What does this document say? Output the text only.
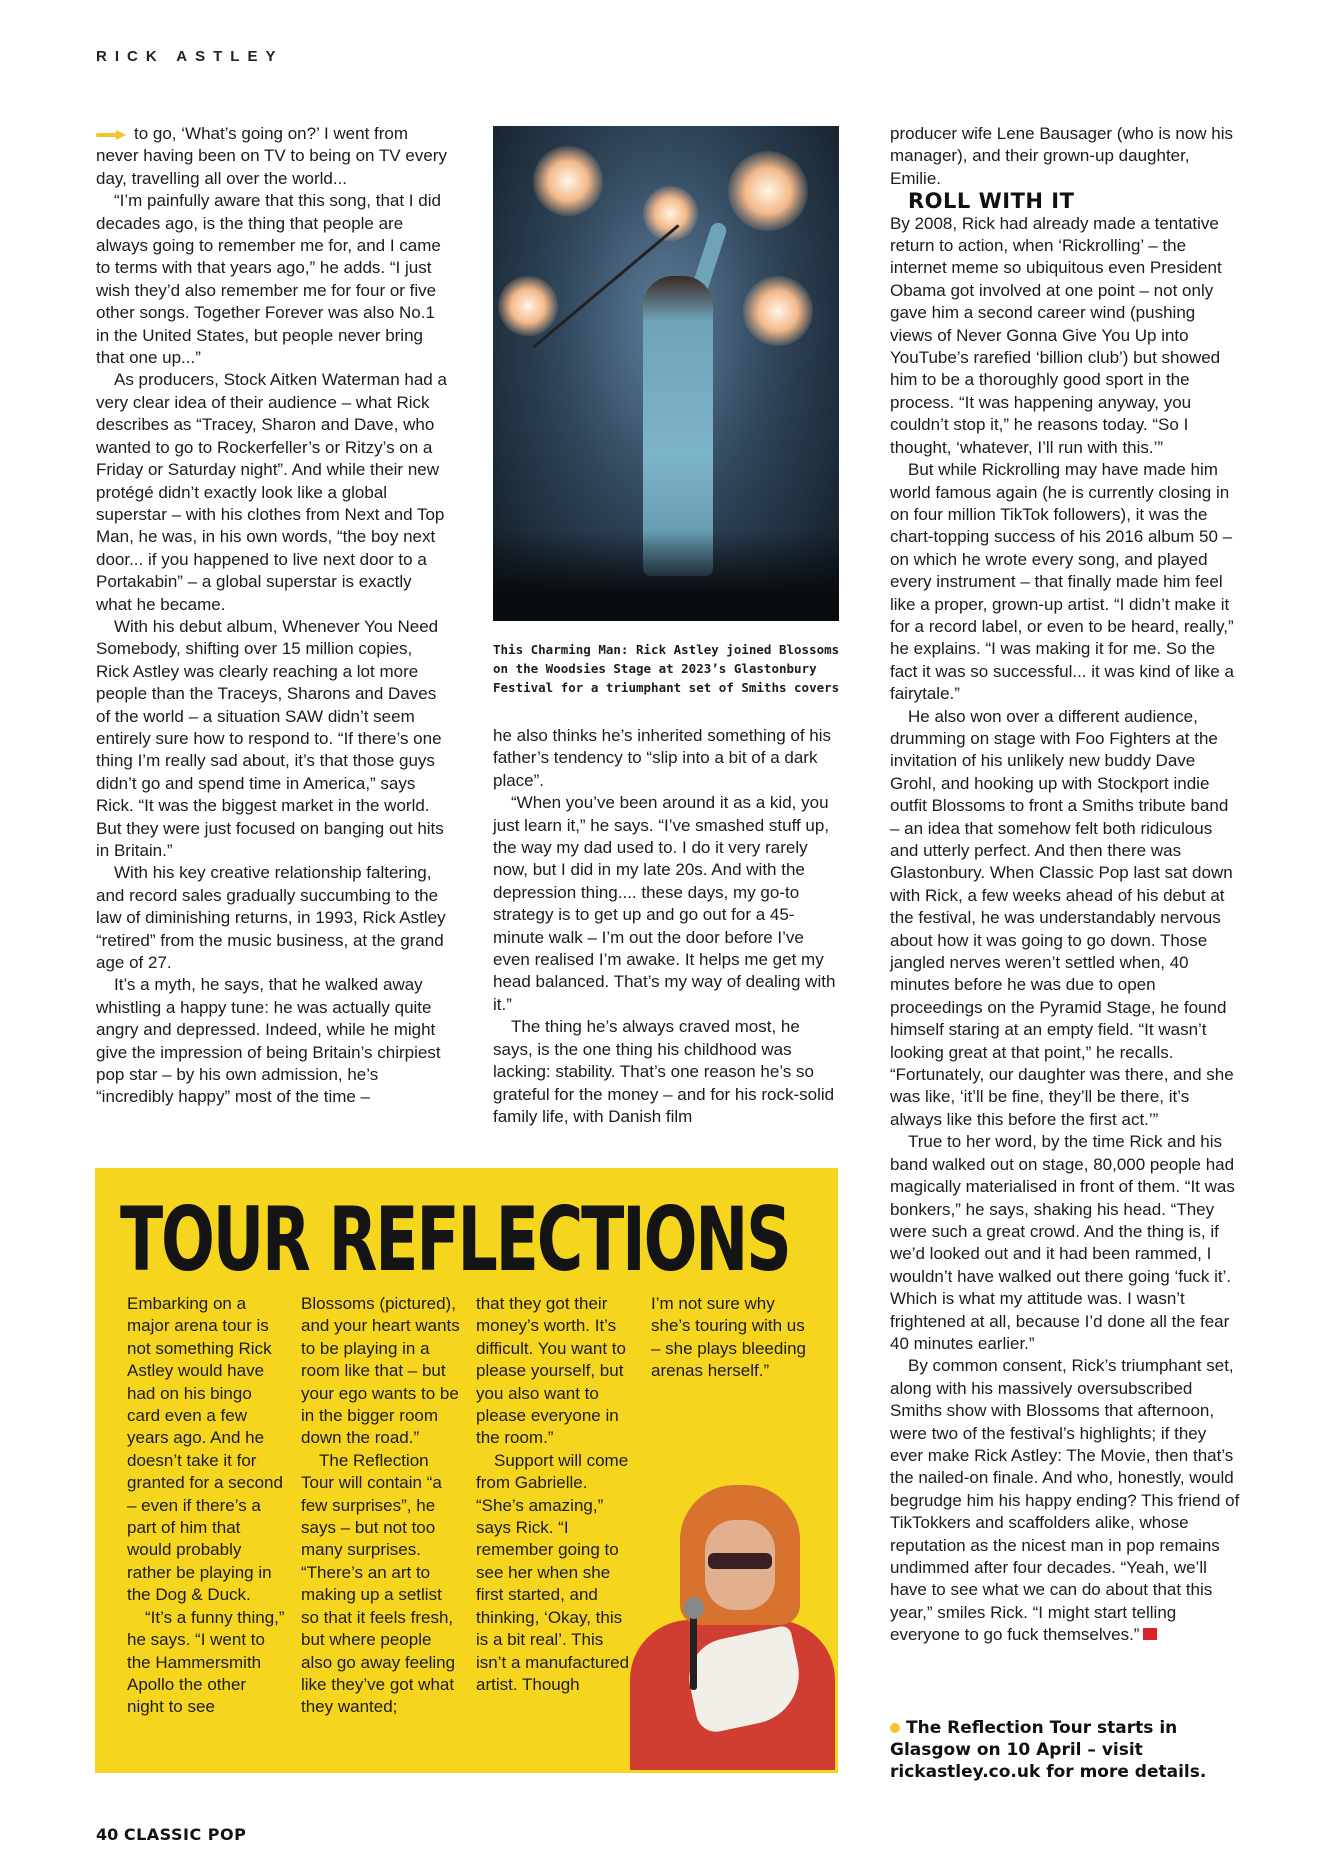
RICK ASTLEY

to go, ‘What’s going on?’ I went from never having been on TV to being on TV every day, travelling all over the world...

“I’m painfully aware that this song, that I did decades ago, is the thing that people are always going to remember me for, and I came to terms with that years ago,” he adds. “I just wish they’d also remember me for four or five other songs. Together Forever was also No.1 in the United States, but people never bring that one up...”

As producers, Stock Aitken Waterman had a very clear idea of their audience – what Rick describes as “Tracey, Sharon and Dave, who wanted to go to Rockerfeller’s or Ritzy’s on a Friday or Saturday night”. And while their new protégé didn’t exactly look like a global superstar – with his clothes from Next and Top Man, he was, in his own words, “the boy next door... if you happened to live next door to a Portakabin” – a global superstar is exactly what he became.

With his debut album, Whenever You Need Somebody, shifting over 15 million copies, Rick Astley was clearly reaching a lot more people than the Traceys, Sharons and Daves of the world – a situation SAW didn’t seem entirely sure how to respond to. “If there’s one thing I’m really sad about, it’s that those guys didn’t go and spend time in America,” says Rick. “It was the biggest market in the world. But they were just focused on banging out hits in Britain.”

With his key creative relationship faltering, and record sales gradually succumbing to the law of diminishing returns, in 1993, Rick Astley “retired” from the music business, at the grand age of 27.

It’s a myth, he says, that he walked away whistling a happy tune: he was actually quite angry and depressed. Indeed, while he might give the impression of being Britain’s chirpiest pop star – by his own admission, he’s “incredibly happy” most of the time –

This Charming Man: Rick Astley joined Blossoms on the Woodsies Stage at 2023’s Glastonbury Festival for a triumphant set of Smiths covers

he also thinks he’s inherited something of his father’s tendency to “slip into a bit of a dark place”.

“When you’ve been around it as a kid, you just learn it,” he says. “I’ve smashed stuff up, the way my dad used to. I do it very rarely now, but I did in my late 20s. And with the depression thing.... these days, my go-to strategy is to get up and go out for a 45-minute walk – I’m out the door before I’ve even realised I’m awake. It helps me get my head balanced. That’s my way of dealing with it.”

The thing he’s always craved most, he says, is the one thing his childhood was lacking: stability. That’s one reason he’s so grateful for the money – and for his rock-solid family life, with Danish film

producer wife Lene Bausager (who is now his manager), and their grown-up daughter, Emilie.

ROLL WITH IT

By 2008, Rick had already made a tentative return to action, when ‘Rickrolling’ – the internet meme so ubiquitous even President Obama got involved at one point – not only gave him a second career wind (pushing views of Never Gonna Give You Up into YouTube’s rarefied ‘billion club’) but showed him to be a thoroughly good sport in the process. “It was happening anyway, you couldn’t stop it,” he reasons today. “So I thought, ‘whatever, I’ll run with this.’”

But while Rickrolling may have made him world famous again (he is currently closing in on four million TikTok followers), it was the chart-topping success of his 2016 album 50 – on which he wrote every song, and played every instrument – that finally made him feel like a proper, grown-up artist. “I didn’t make it for a record label, or even to be heard, really,” he explains. “I was making it for me. So the fact it was so successful... it was kind of like a fairytale.”

He also won over a different audience, drumming on stage with Foo Fighters at the invitation of his unlikely new buddy Dave Grohl, and hooking up with Stockport indie outfit Blossoms to front a Smiths tribute band – an idea that somehow felt both ridiculous and utterly perfect. And then there was Glastonbury. When Classic Pop last sat down with Rick, a few weeks ahead of his debut at the festival, he was understandably nervous about how it was going to go down. Those jangled nerves weren’t settled when, 40 minutes before he was due to open proceedings on the Pyramid Stage, he found himself staring at an empty field. “It wasn’t looking great at that point,” he recalls. “Fortunately, our daughter was there, and she was like, ‘it’ll be fine, they’ll be there, it’s always like this before the first act.’”

True to her word, by the time Rick and his band walked out on stage, 80,000 people had magically materialised in front of them. “It was bonkers,” he says, shaking his head. “They were such a great crowd. And the thing is, if we’d looked out and it had been rammed, I wouldn’t have walked out there going ‘fuck it’. Which is what my attitude was. I wasn’t frightened at all, because I’d done all the fear 40 minutes earlier.”

By common consent, Rick’s triumphant set, along with his massively oversubscribed Smiths show with Blossoms that afternoon, were two of the festival’s highlights; if they ever make Rick Astley: The Movie, then that’s the nailed-on finale. And who, honestly, would begrudge him his happy ending? This friend of TikTokkers and scaffolders alike, whose reputation as the nicest man in pop remains undimmed after four decades. “Yeah, we’ll have to see what we can do about that this year,” smiles Rick. “I might start telling everyone to go fuck themselves.”

The Reflection Tour starts in Glasgow on 10 April – visit rickastley.co.uk for more details.
TOUR REFLECTIONS

Embarking on a major arena tour is not something Rick Astley would have had on his bingo card even a few years ago. And he doesn’t take it for granted for a second – even if there’s a part of him that would probably rather be playing in the Dog & Duck.

“It’s a funny thing,” he says. “I went to the Hammersmith Apollo the other night to see

Blossoms (pictured), and your heart wants to be playing in a room like that – but your ego wants to be in the bigger room down the road.”

The Reflection Tour will contain “a few surprises”, he says – but not too many surprises. “There’s an art to making up a setlist so that it feels fresh, but where people also go away feeling like they’ve got what they wanted;

that they got their money’s worth. It’s difficult. You want to please yourself, but you also want to please everyone in the room.”

Support will come from Gabrielle. “She’s amazing,” says Rick. “I remember going to see her when she first started, and thinking, ‘Okay, this is a bit real’. This isn’t a manufactured artist. Though

I’m not sure why she’s touring with us – she plays bleeding arenas herself.”

40 CLASSIC POP
